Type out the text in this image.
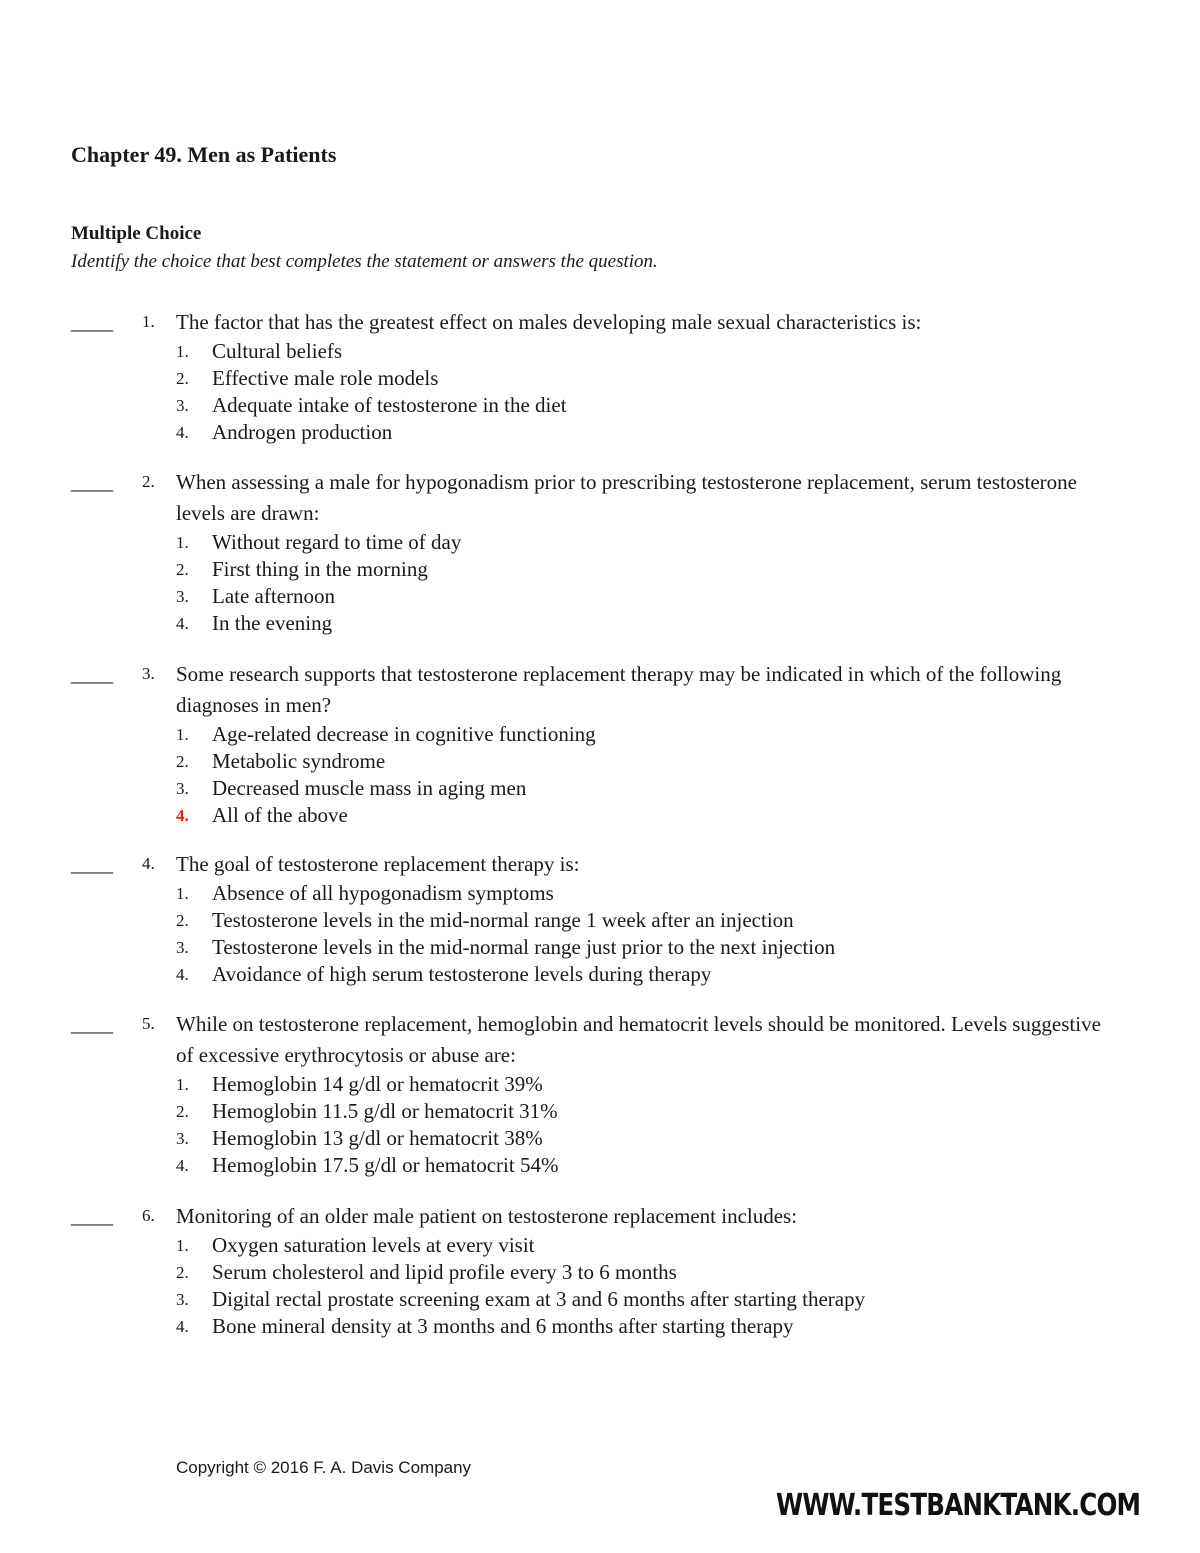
Chapter 49. Men as Patients
Multiple Choice

Identify the choice that best completes the statement or answers the question.

____ 1. The factor that has the greatest effect on males developing male sexual characteristics is:

1. Cultural beliefs
2. Effective male role models
3. Adequate intake of testosterone in the diet
4. Androgen production
____ 2. When assessing a male for hypogonadism prior to prescribing testosterone replacement, serum testosterone levels are drawn:

1. Without regard to time of day
2. First thing in the morning
3. Late afternoon
4. In the evening
____ 3. Some research supports that testosterone replacement therapy may be indicated in which of the following diagnoses in men?

1. Age-related decrease in cognitive functioning
2. Metabolic syndrome
3. Decreased muscle mass in aging men
4. All of the above
____ 4. The goal of testosterone replacement therapy is:

1. Absence of all hypogonadism symptoms
2. Testosterone levels in the mid-normal range 1 week after an injection
3. Testosterone levels in the mid-normal range just prior to the next injection
4. Avoidance of high serum testosterone levels during therapy
____ 5. While on testosterone replacement, hemoglobin and hematocrit levels should be monitored. Levels suggestive of excessive erythrocytosis or abuse are:

1. Hemoglobin 14 g/dl or hematocrit 39%
2. Hemoglobin 11.5 g/dl or hematocrit 31%
3. Hemoglobin 13 g/dl or hematocrit 38%
4. Hemoglobin 17.5 g/dl or hematocrit 54%
____ 6. Monitoring of an older male patient on testosterone replacement includes:

1. Oxygen saturation levels at every visit
2. Serum cholesterol and lipid profile every 3 to 6 months
3. Digital rectal prostate screening exam at 3 and 6 months after starting therapy
4. Bone mineral density at 3 months and 6 months after starting therapy

Copyright © 2016 F. A. Davis Company

WWW.TESTBANKTANK.COM
